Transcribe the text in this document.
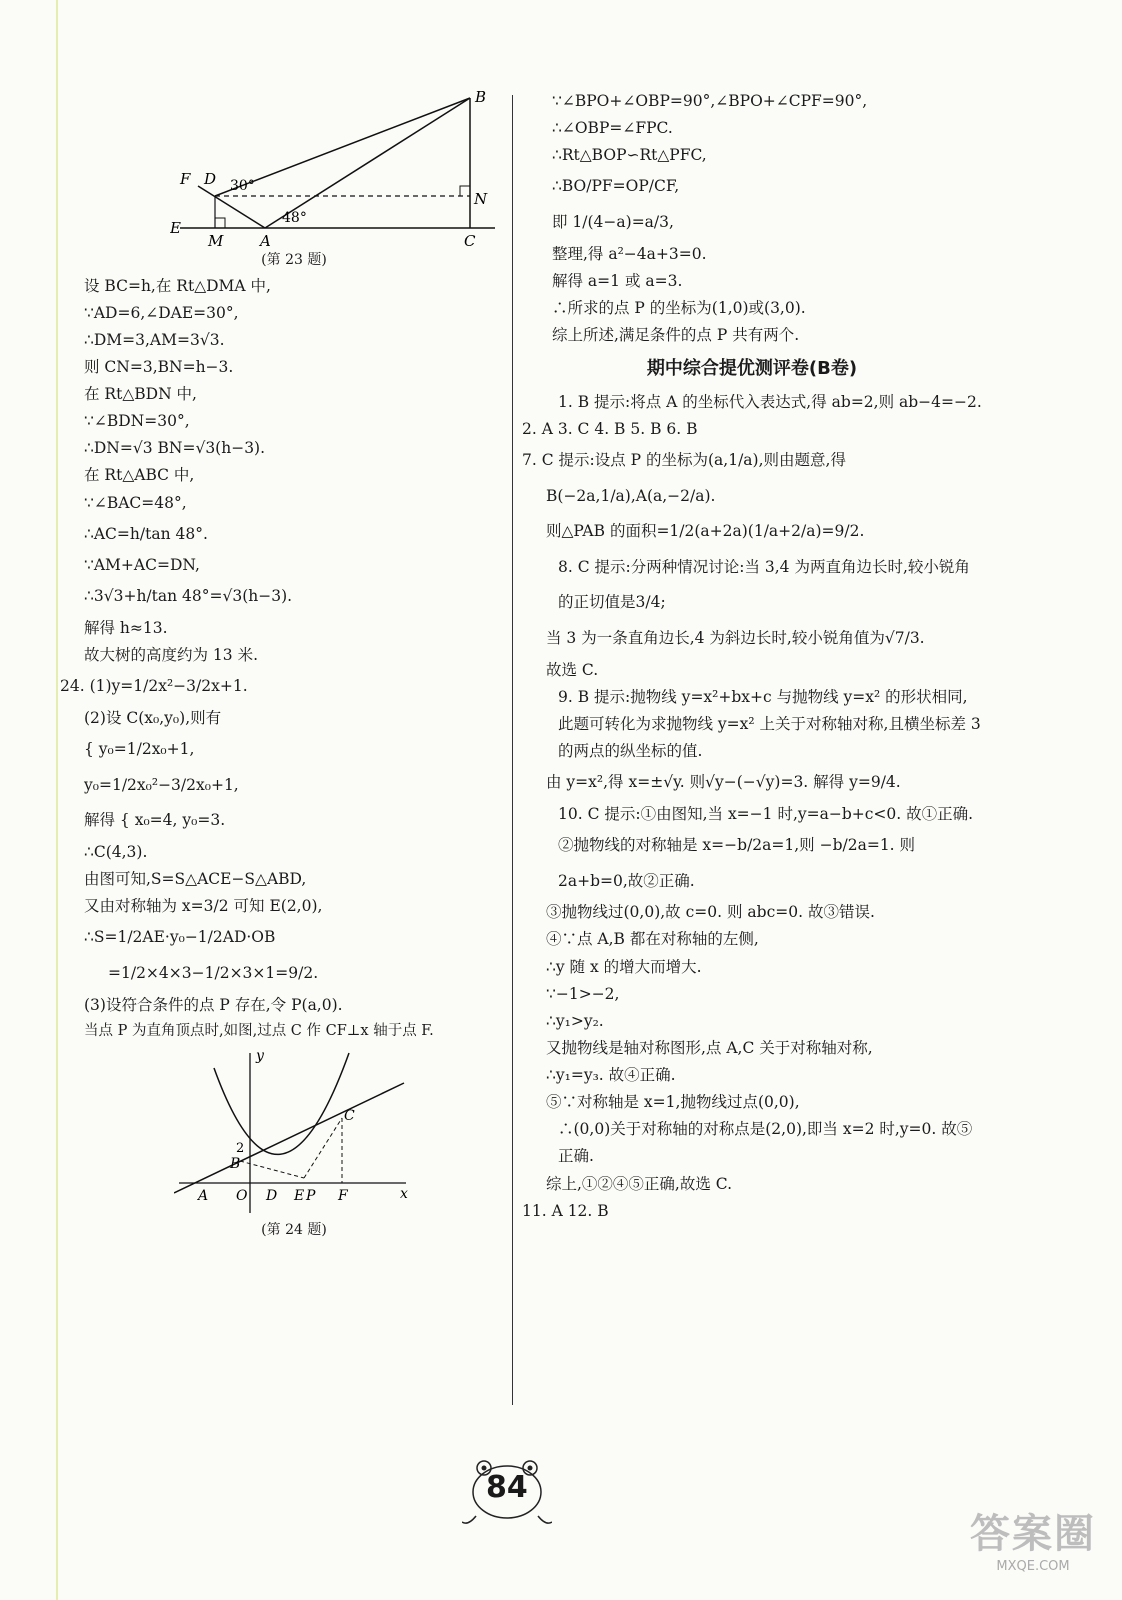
B
F D 30°
N
E
M A
48°
C
(第 23 题)
设 BC=h,在 Rt△DMA 中,
∵AD=6,∠DAE=30°,
∴DM=3,AM=3√3.
则 CN=3,BN=h−3.
在 Rt△BDN 中,
∵∠BDN=30°,
∴DN=√3 BN=√3(h−3).
在 Rt△ABC 中,
∵∠BAC=48°,
∴AC=h/tan 48°.
∵AM+AC=DN,
∴3√3+h/tan 48°=√3(h−3).
解得 h≈13.
故大树的高度约为 13 米.
24. (1)y=1/2x²−3/2x+1.
(2)设 C(x₀,y₀),则有
{ y₀=1/2x₀+1,
y₀=1/2x₀²−3/2x₀+1,
解得 { x₀=4, y₀=3.
∴C(4,3).
由图可知,S=S△ACE−S△ABD,
又由对称轴为 x=3/2 可知 E(2,0),
∴S=1/2AE·y₀−1/2AD·OB
=1/2×4×3−1/2×3×1=9/2.
(3)设符合条件的点 P 存在,令 P(a,0).
当点 P 为直角顶点时,如图,过点 C 作 CF⊥x 轴于点 F.
y
C
2
B
A O D E P F	x
(第 24 题)
∵∠BPO+∠OBP=90°,∠BPO+∠CPF=90°,
∴∠OBP=∠FPC.
∴Rt△BOP∽Rt△PFC,
∴BO/PF=OP/CF,
即 1/(4−a)=a/3,
整理,得 a²−4a+3=0.
解得 a=1 或 a=3.
∴所求的点 P 的坐标为(1,0)或(3,0).
综上所述,满足条件的点 P 共有两个.
期中综合提优测评卷(B卷)
1. B 提示:将点 A 的坐标代入表达式,得 ab=2,则 ab−4=−2.
2. A 3. C 4. B 5. B 6. B
7. C 提示:设点 P 的坐标为(a,1/a),则由题意,得
B(−2a,1/a),A(a,−2/a).
则△PAB 的面积=1/2(a+2a)(1/a+2/a)=9/2.
8. C 提示:分两种情况讨论:当 3,4 为两直角边长时,较小锐角的正切值是3/4;
当 3 为一条直角边长,4 为斜边长时,较小锐角值为√7/3.
故选 C.
9. B 提示:抛物线 y=x²+bx+c 与抛物线 y=x² 的形状相同,此题可转化为求抛物线 y=x² 上关于对称轴对称,且横坐标差 3 的两点的纵坐标的值.
由 y=x²,得 x=±√y. 则√y−(−√y)=3. 解得 y=9/4.
10. C 提示:①由图知,当 x=−1 时,y=a−b+c<0. 故①正确.
②抛物线的对称轴是 x=−b/2a=1,则 −b/2a=1. 则2a+b=0,故②正确.
③抛物线过(0,0),故 c=0. 则 abc=0. 故③错误.
④∵点 A,B 都在对称轴的左侧,
∴y 随 x 的增大而增大.
∵−1>−2,
∴y₁>y₂.
又抛物线是轴对称图形,点 A,C 关于对称轴对称,
∴y₁=y₃. 故④正确.
⑤∵对称轴是 x=1,抛物线过点(0,0),
∴(0,0)关于对称轴的对称点是(2,0),即当 x=2 时,y=0. 故⑤正确.
综上,①②④⑤正确,故选 C.
11. A 12. B
84
答案圈
MXQE.COM
